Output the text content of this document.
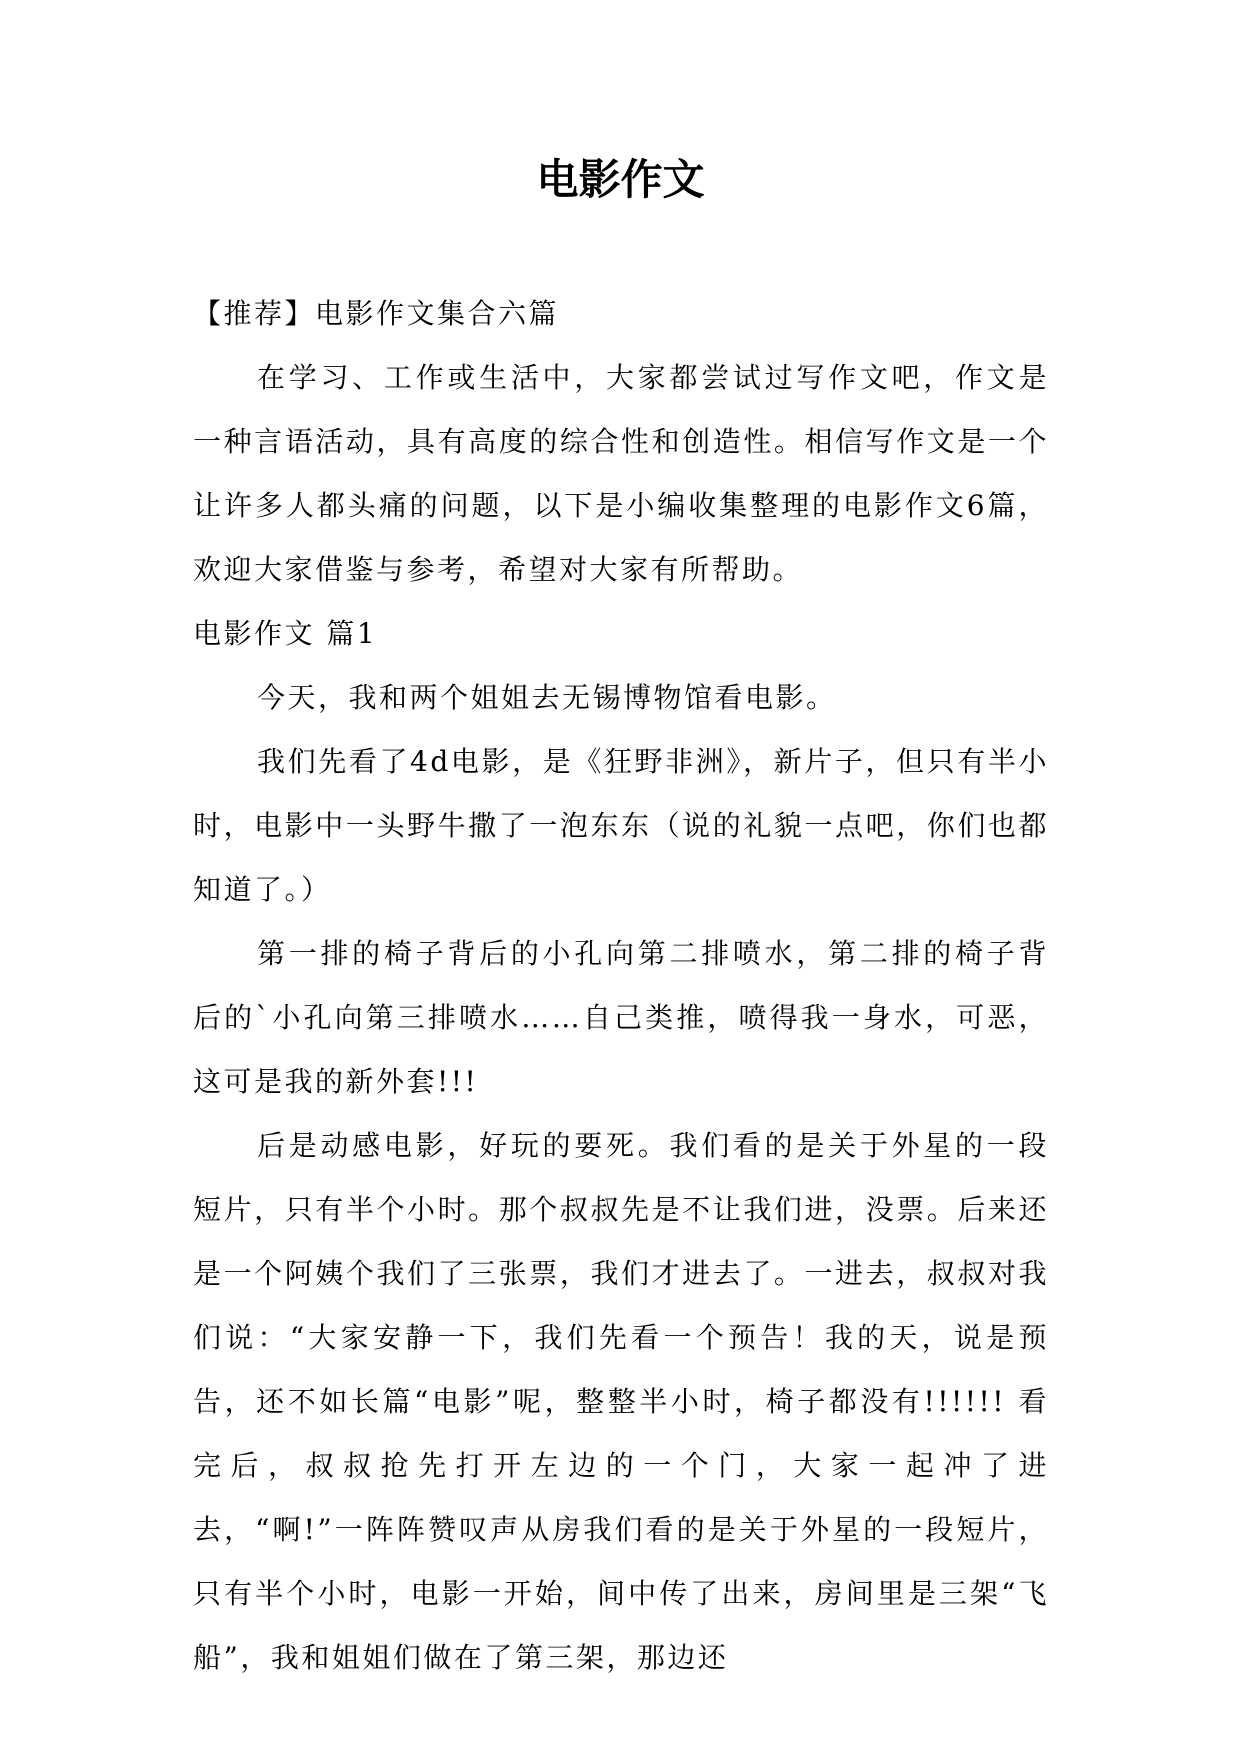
电影作文

【推荐】电影作文集合六篇

在学习、工作或生活中，大家都尝试过写作文吧，作文是一种言语活动，具有高度的综合性和创造性。相信写作文是一个让许多人都头痛的问题，以下是小编收集整理的电影作文6篇，欢迎大家借鉴与参考，希望对大家有所帮助。

电影作文 篇1

今天，我和两个姐姐去无锡博物馆看电影。

我们先看了4d电影，是《狂野非洲》，新片子，但只有半小时，电影中一头野牛撒了一泡东东（说的礼貌一点吧，你们也都知道了。）

第一排的椅子背后的小孔向第二排喷水，第二排的椅子背后的`小孔向第三排喷水……自己类推，喷得我一身水，可恶，这可是我的新外套!!!

后是动感电影，好玩的要死。我们看的是关于外星的一段短片，只有半个小时。那个叔叔先是不让我们进，没票。后来还是一个阿姨个我们了三张票，我们才进去了。一进去，叔叔对我们说：“大家安静一下，我们先看一个预告！我的天，说是预告，还不如长篇“电影”呢，整整半小时，椅子都没有!!!!!! 看完后，叔叔抢先打开左边的一个门，大家一起冲了进去，“啊!”一阵阵赞叹声从房我们看的是关于外星的一段短片，只有半个小时，电影一开始，间中传了出来，房间里是三架“飞船”，我和姐姐们做在了第三架，那边还
